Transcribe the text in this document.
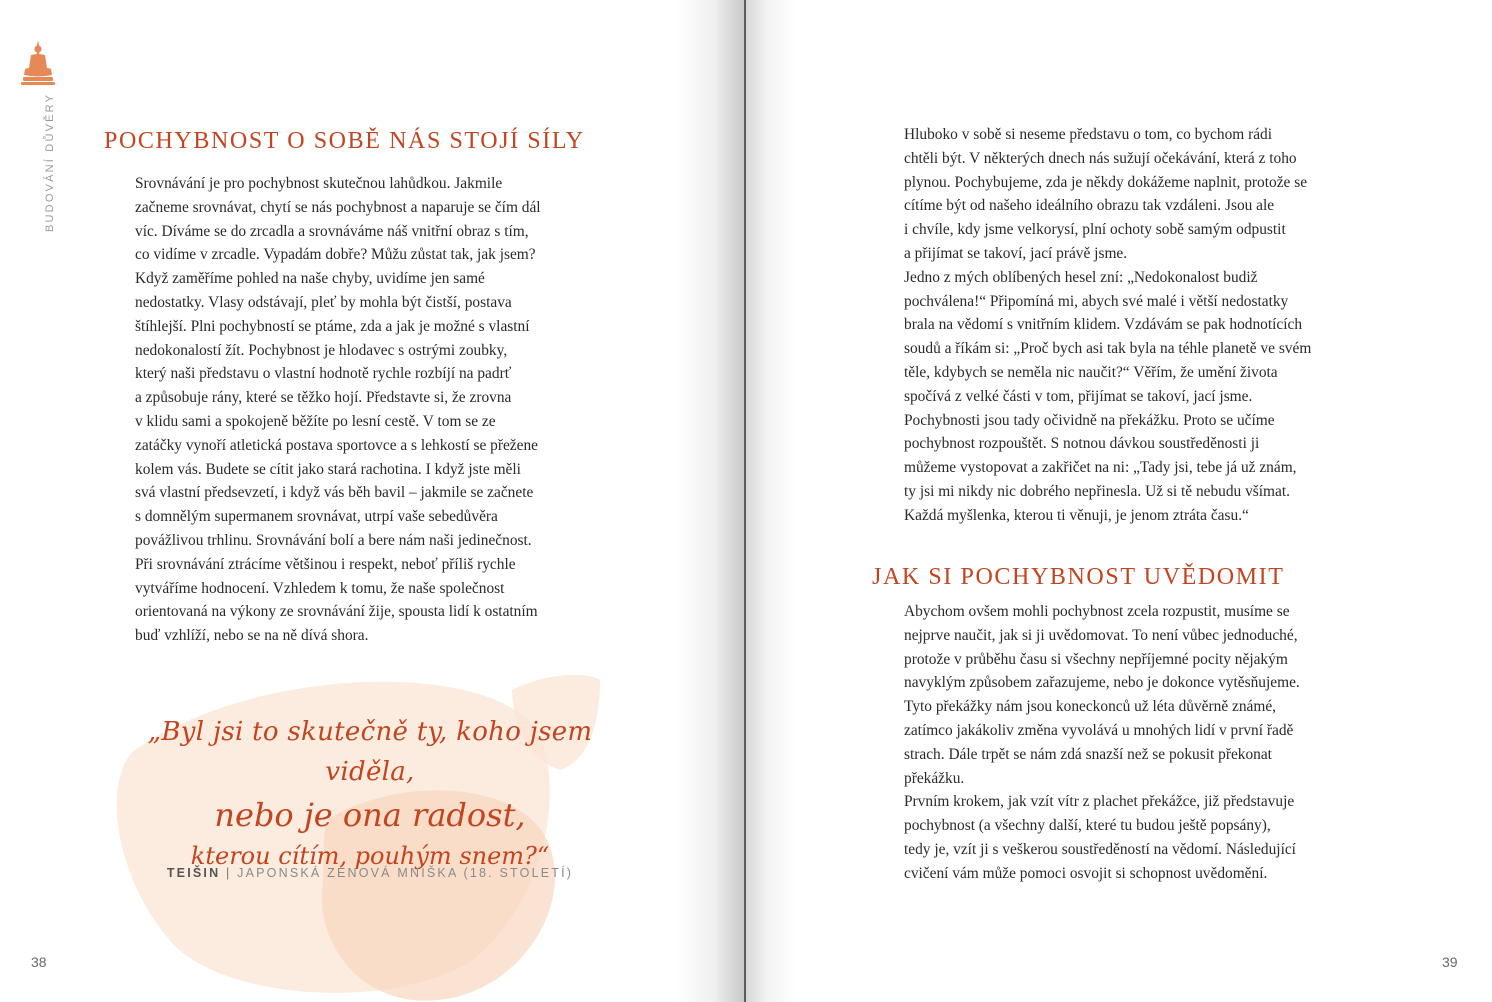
BUDOVÁNÍ DŮVĚRY POCHYBNOST O SOBĚ NÁS STOJÍ SÍLY
Srovnávání je pro pochybnost skutečnou lahůdkou. Jakmile
začneme srovnávat, chytí se nás pochybnost a naparuje se čím dál
víc. Díváme se do zrcadla a srovnáváme náš vnitřní obraz s tím,
co vidíme v zrcadle. Vypadám dobře? Můžu zůstat tak, jak jsem?
Když zaměříme pohled na naše chyby, uvidíme jen samé
nedostatky. Vlasy odstávají, pleť by mohla být čistší, postava
štíhlejší. Plni pochybností se ptáme, zda a jak je možné s vlastní
nedokonalostí žít. Pochybnost je hlodavec s ostrými zoubky,
který naši představu o vlastní hodnotě rychle rozbíjí na padrť
a způsobuje rány, které se těžko hojí. Představte si, že zrovna
v klidu sami a spokojeně běžíte po lesní cestě. V tom se ze
zatáčky vynoří atletická postava sportovce a s lehkostí se přežene
kolem vás. Budete se cítit jako stará rachotina. I když jste měli
svá vlastní předsevzetí, i když vás běh bavil – jakmile se začnete
s domnělým supermanem srovnávat, utrpí vaše sebedůvěra
povážlivou trhlinu. Srovnávání bolí a bere nám naši jedinečnost.
Při srovnávání ztrácíme většinou i respekt, neboť příliš rychle
vytváříme hodnocení. Vzhledem k tomu, že naše společnost
orientovaná na výkony ze srovnávání žije, spousta lidí k ostatním
buď vzhlíží, nebo se na ně dívá shora.
„Byl jsi to skutečně ty, koho jsem viděla,
nebo je ona radost,
kterou cítím, pouhým snem?“
TEIŠIN | JAPONSKÁ ZENOVÁ MNIŠKA (18. STOLETÍ)
38
Hluboko v sobě si neseme představu o tom, co bychom rádi
chtěli být. V některých dnech nás sužují očekávání, která z toho
plynou. Pochybujeme, zda je někdy dokážeme naplnit, protože se
cítíme být od našeho ideálního obrazu tak vzdáleni. Jsou ale
i chvíle, kdy jsme velkorysí, plní ochoty sobě samým odpustit
a přijímat se takoví, jací právě jsme.
Jedno z mých oblíbených hesel zní: „Nedokonalost budiž
pochválena!“ Připomíná mi, abych své malé i větší nedostatky
brala na vědomí s vnitřním klidem. Vzdávám se pak hodnotících
soudů a říkám si: „Proč bych asi tak byla na téhle planetě ve svém
těle, kdybych se neměla nic naučit?“ Věřím, že umění života
spočívá z velké části v tom, přijímat se takoví, jací jsme.
Pochybnosti jsou tady očividně na překážku. Proto se učíme
pochybnost rozpouštět. S notnou dávkou soustředěnosti ji
můžeme vystopovat a zakřičet na ni: „Tady jsi, tebe já už znám,
ty jsi mi nikdy nic dobrého nepřinesla. Už si tě nebudu všímat.
Každá myšlenka, kterou ti věnuji, je jenom ztráta času.“
JAK SI POCHYBNOST UVĚDOMIT
Abychom ovšem mohli pochybnost zcela rozpustit, musíme se
nejprve naučit, jak si ji uvědomovat. To není vůbec jednoduché,
protože v průběhu času si všechny nepříjemné pocity nějakým
navyklým způsobem zařazujeme, nebo je dokonce vytěsňujeme.
Tyto překážky nám jsou koneckonců už léta důvěrně známé,
zatímco jakákoliv změna vyvolává u mnohých lidí v první řadě
strach. Dále trpět se nám zdá snazší než se pokusit překonat
překážku.
Prvním krokem, jak vzít vítr z plachet překážce, již představuje
pochybnost (a všechny další, které tu budou ještě popsány),
tedy je, vzít ji s veškerou soustředěností na vědomí. Následující
cvičení vám může pomoci osvojit si schopnost uvědomění.
39
